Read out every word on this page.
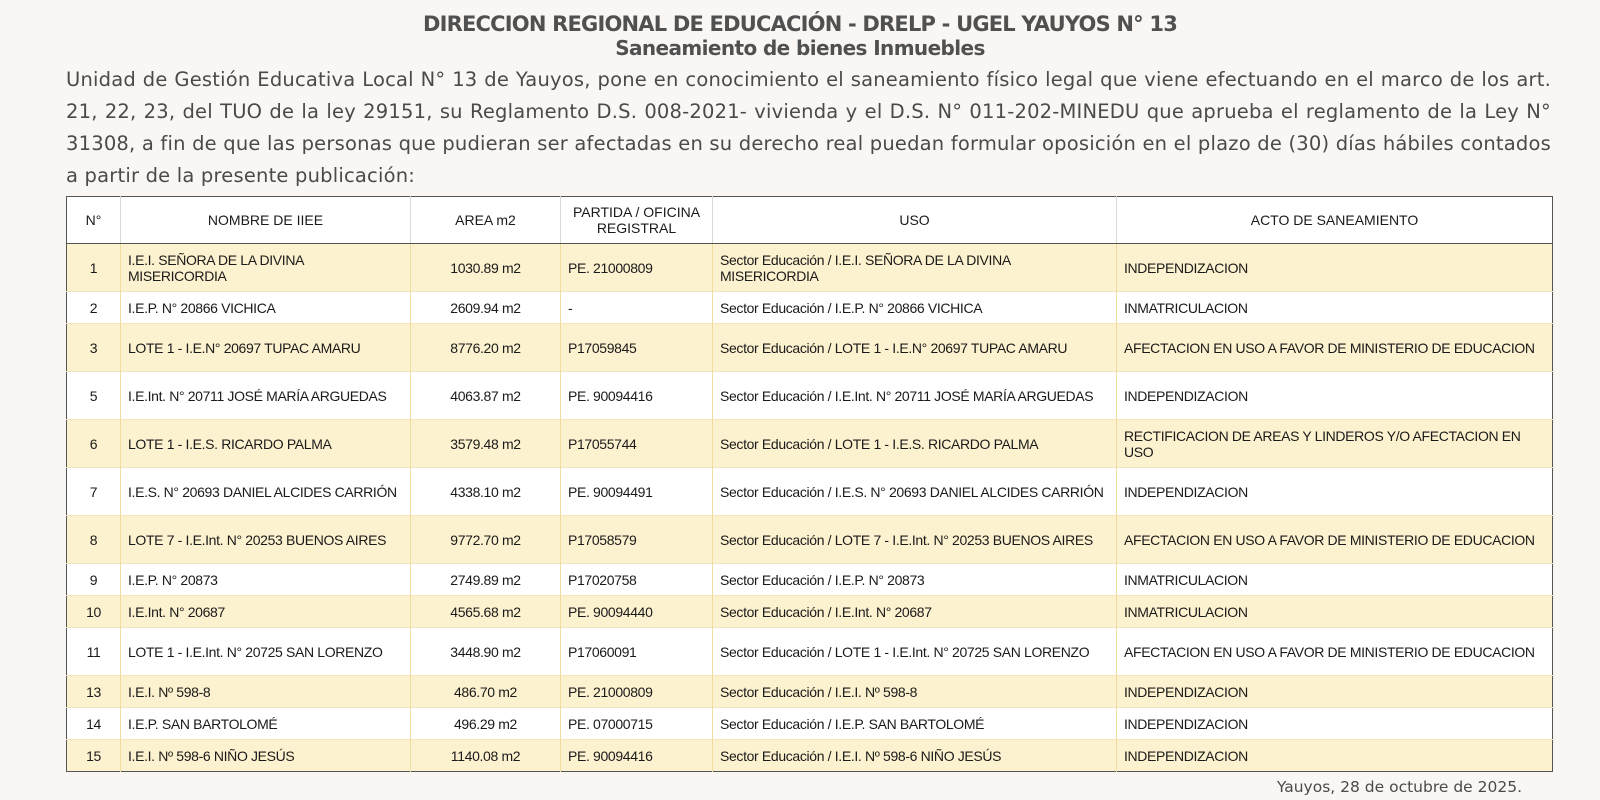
DIRECCION REGIONAL DE EDUCACIÓN - DRELP - UGEL YAUYOS N° 13
Saneamiento de bienes Inmuebles

Unidad de Gestión Educativa Local N° 13 de Yauyos, pone en conocimiento el saneamiento físico legal que viene efectuando en el marco de los art. 21, 22, 23, del TUO de la ley 29151, su Reglamento D.S. 008-2021- vivienda y el D.S. N° 011-202-MINEDU que aprueba el reglamento de la Ley N° 31308, a fin de que las personas que pudieran ser afectadas en su derecho real puedan formular oposición en el plazo de (30) días hábiles contados a partir de la presente publicación:

N°	NOMBRE DE IIEE	AREA m2	PARTIDA / OFICINA REGISTRAL	USO	ACTO DE SANEAMIENTO
1	I.E.I. SEÑORA DE LA DIVINA MISERICORDIA	1030.89 m2	PE. 21000809	Sector Educación / I.E.I. SEÑORA DE LA DIVINA MISERICORDIA	INDEPENDIZACION
2	I.E.P. N° 20866 VICHICA	2609.94 m2	-	Sector Educación / I.E.P. N° 20866 VICHICA	INMATRICULACION
3	LOTE 1 - I.E.N° 20697 TUPAC AMARU	8776.20 m2	P17059845	Sector Educación / LOTE 1 - I.E.N° 20697 TUPAC AMARU	AFECTACION EN USO A FAVOR DE MINISTERIO DE EDUCACION
5	I.E.Int. N° 20711 JOSÉ MARÍA ARGUEDAS	4063.87 m2	PE. 90094416	Sector Educación / I.E.Int. N° 20711 JOSÉ MARÍA ARGUEDAS	INDEPENDIZACION
6	LOTE 1 - I.E.S. RICARDO PALMA	3579.48 m2	P17055744	Sector Educación / LOTE 1 - I.E.S. RICARDO PALMA	RECTIFICACION DE AREAS Y LINDEROS Y/O AFECTACION EN USO
7	I.E.S. N° 20693 DANIEL ALCIDES CARRIÓN	4338.10 m2	PE. 90094491	Sector Educación / I.E.S. N° 20693 DANIEL ALCIDES CARRIÓN	INDEPENDIZACION
8	LOTE 7 - I.E.Int. N° 20253 BUENOS AIRES	9772.70 m2	P17058579	Sector Educación / LOTE 7 - I.E.Int. N° 20253 BUENOS AIRES	AFECTACION EN USO A FAVOR DE MINISTERIO DE EDUCACION
9	I.E.P. N° 20873	2749.89 m2	P17020758	Sector Educación / I.E.P. N° 20873	INMATRICULACION
10	I.E.Int. N° 20687	4565.68 m2	PE. 90094440	Sector Educación / I.E.Int. N° 20687	INMATRICULACION
11	LOTE 1 - I.E.Int. N° 20725 SAN LORENZO	3448.90 m2	P17060091	Sector Educación / LOTE 1 - I.E.Int. N° 20725 SAN LORENZO	AFECTACION EN USO A FAVOR DE MINISTERIO DE EDUCACION
13	I.E.I. Nº 598-8	486.70 m2	PE. 21000809	Sector Educación / I.E.I. Nº 598-8	INDEPENDIZACION
14	I.E.P. SAN BARTOLOMÉ	496.29 m2	PE. 07000715	Sector Educación / I.E.P. SAN BARTOLOMÉ	INDEPENDIZACION
15	I.E.I. Nº 598-6 NIÑO JESÚS	1140.08 m2	PE. 90094416	Sector Educación / I.E.I. Nº 598-6 NIÑO JESÚS	INDEPENDIZACION

Yauyos, 28 de octubre de 2025.
